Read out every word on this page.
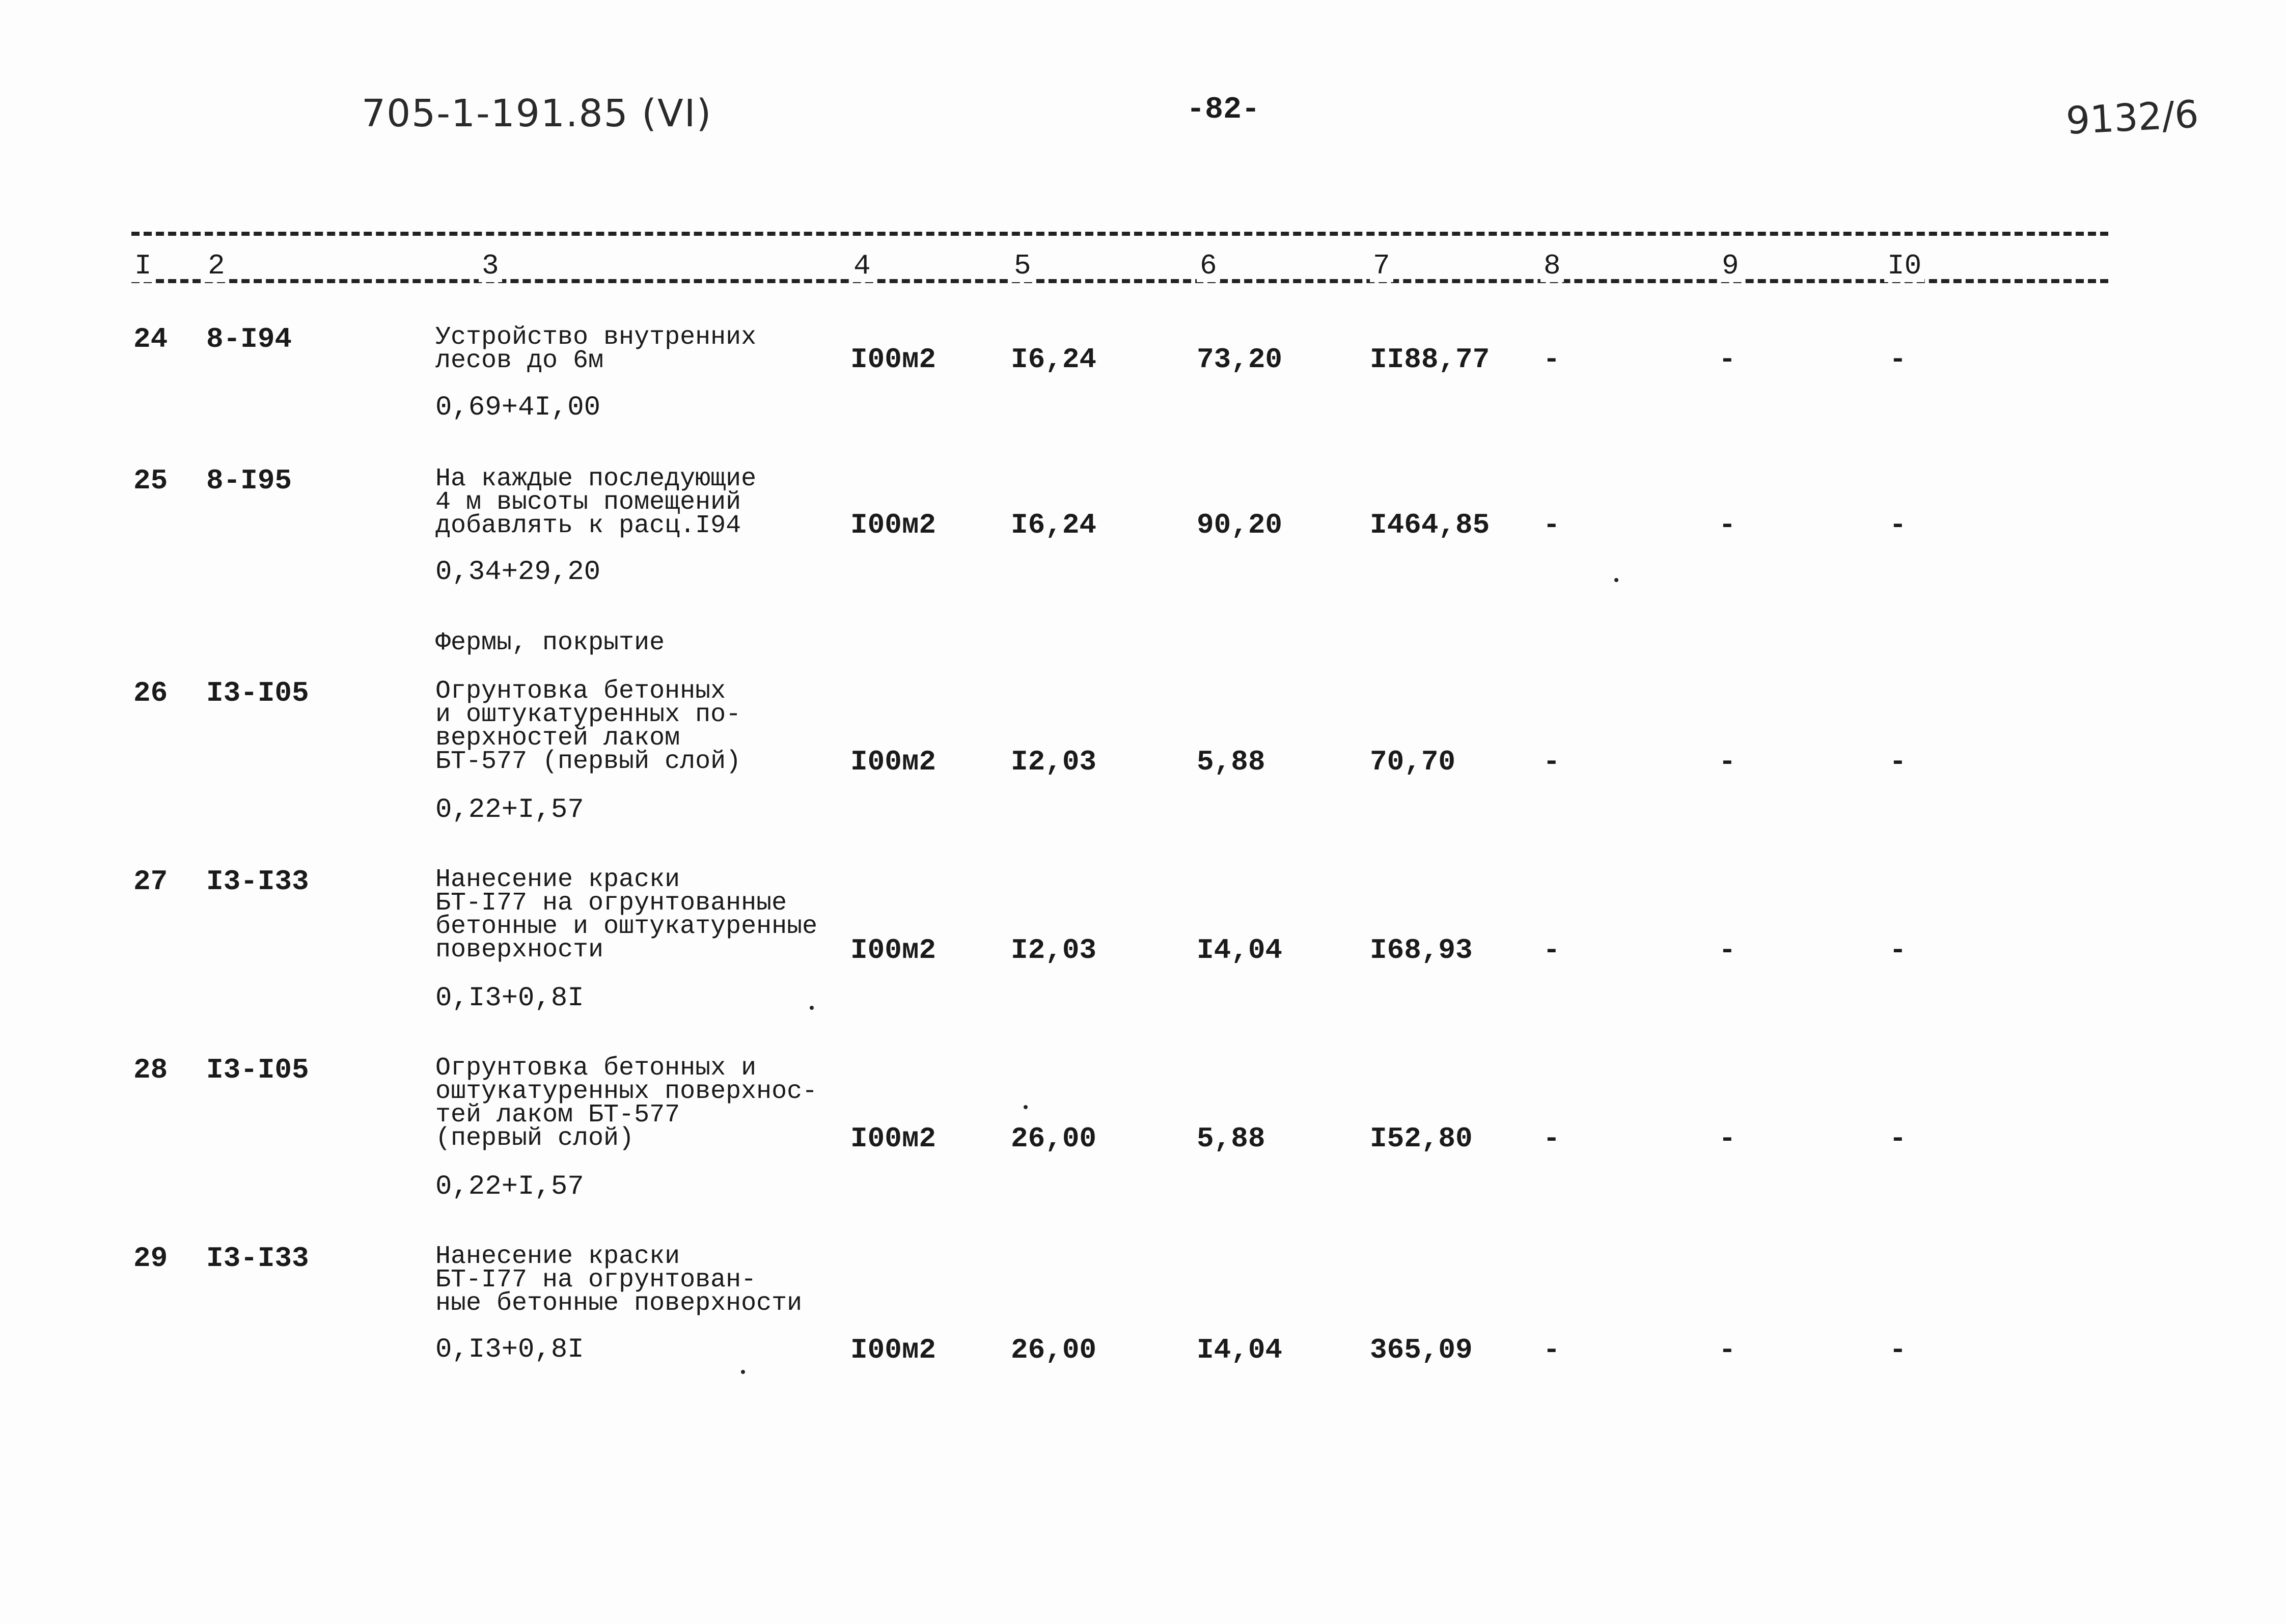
705-1-191.85 (VI)	-82-	9132/6
I 2	3	4	5	6	7	8	9	I0
24 8-I94	Устройство внутренних
лесов до 6м
0,69+4I,00
I00м2	I6,24	73,20	II88,77 -	-	-
25 8-I95	На каждые последующие
4 м высоты помещений
добавлять к расц.I94
0,34+29,20
I00м2	I6,24	90,20	I464,85 -	-	-
Фермы, покрытие
26 I3-I05	Огрунтовка бетонных
и оштукатуренных по-
верхностей лаком
БТ-577 (первый слой)
0,22+I,57
I00м2	I2,03	5,88	70,70	-	-	-
27 I3-I33	Нанесение краски
БТ-I77 на огрунтованные
бетонные и оштукатуренные
поверхности
0,I3+0,8I
I00м2	I2,03	I4,04	I68,93 -	-	-
28 I3-I05	Огрунтовка бетонных и
оштукатуренных поверхнос-
тей лаком БТ-577
(первый слой)
0,22+I,57
I00м2	26,00	5,88	I52,80 -	-	-
29 I3-I33	Нанесение краски
БТ-I77 на огрунтован-
ные бетонные поверхности
0,I3+0,8I	I00м2	26,00	I4,04	365,09 -	-	-
